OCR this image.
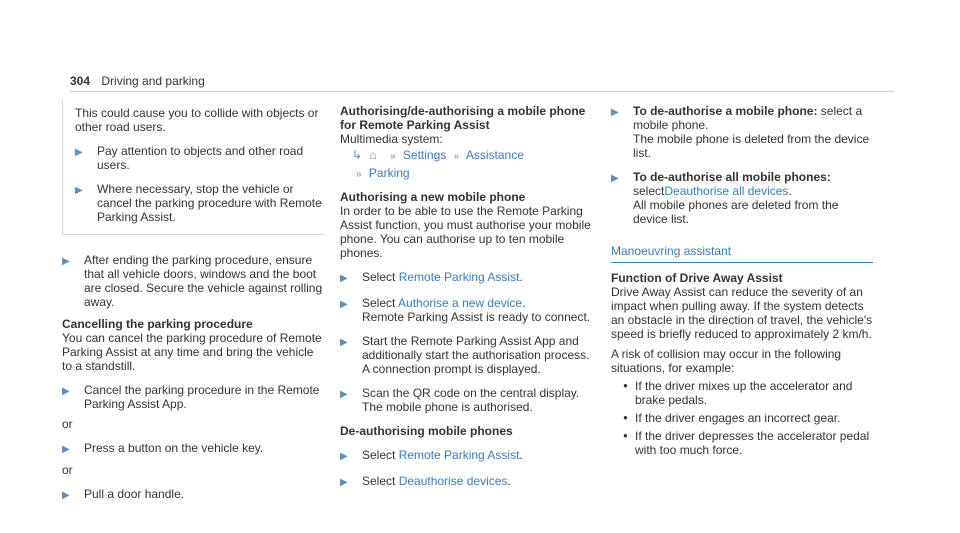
304 Driving and parking
This could cause you to collide with objects or other road users.
▶	Pay attention to objects and other road users.
▶	Where necessary, stop the vehicle or cancel the parking procedure with Remote Parking Assist.
▶	After ending the parking procedure, ensure that all vehicle doors, windows and the boot are closed. Secure the vehicle against rolling away.
Cancelling the parking procedure
You can cancel the parking procedure of Remote Parking Assist at any time and bring the vehicle to a standstill.
▶	Cancel the parking procedure in the Remote Parking Assist App.
or
▶	Press a button on the vehicle key.
or
▶	Pull a door handle.
Authorising/de-authorising a mobile phone for Remote Parking Assist
Multimedia system:
↳ ⌂ » Settings » Assistance
» Parking
Authorising a new mobile phone
In order to be able to use the Remote Parking Assist function, you must authorise your mobile phone. You can authorise up to ten mobile phones.
▶	Select Remote Parking Assist.
▶	Select Authorise a new device.
Remote Parking Assist is ready to connect.
▶	Start the Remote Parking Assist App and additionally start the authorisation process.
A connection prompt is displayed.
▶	Scan the QR code on the central display.
The mobile phone is authorised.
De-authorising mobile phones
▶	Select Remote Parking Assist.
▶	Select Deauthorise devices.
▶	To de-authorise a mobile phone: select a mobile phone.
The mobile phone is deleted from the device list.
▶	To de-authorise all mobile phones:
selectDeauthorise all devices.
All mobile phones are deleted from the device list.
Manoeuvring assistant
Function of Drive Away Assist
Drive Away Assist can reduce the severity of an impact when pulling away. If the system detects an obstacle in the direction of travel, the vehicle's speed is briefly reduced to approximately 2 km/h.
A risk of collision may occur in the following situations, for example:
● If the driver mixes up the accelerator and brake pedals.
● If the driver engages an incorrect gear.
● If the driver depresses the accelerator pedal with too much force.
